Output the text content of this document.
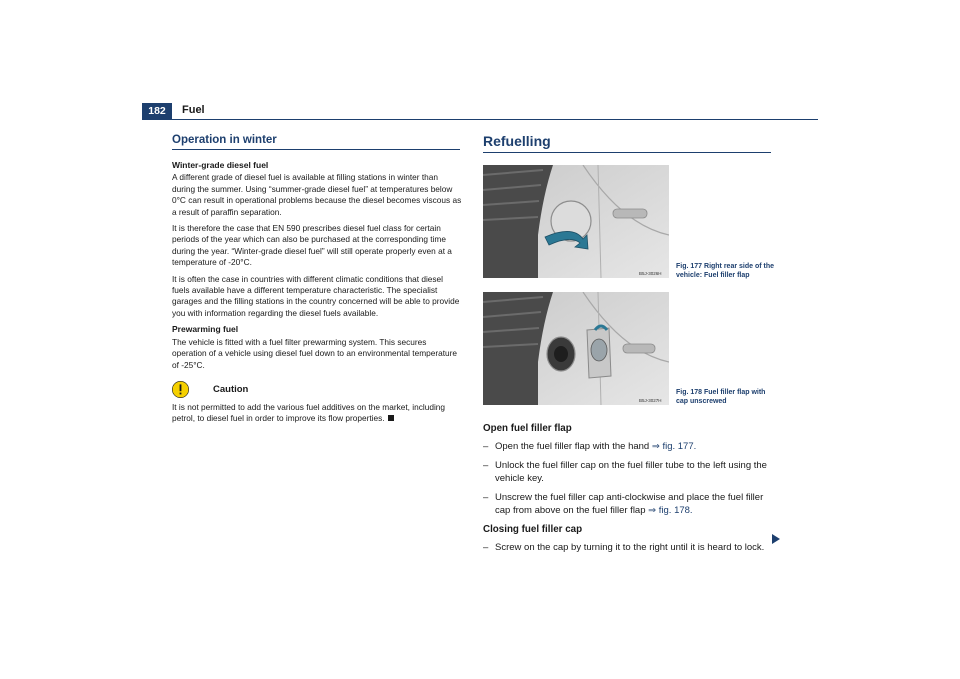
182	Fuel
Operation in winter
Winter-grade diesel fuel

A different grade of diesel fuel is available at filling stations in winter than during the summer. Using “summer-grade diesel fuel” at temperatures below 0°C can result in operational problems because the diesel becomes viscous as a result of paraffin separation.

It is therefore the case that EN 590 prescribes diesel fuel class for certain periods of the year which can also be purchased at the corresponding time during the year. “Winter-grade diesel fuel” will still operate properly even at a temperature of -20°C.

It is often the case in countries with different climatic conditions that diesel fuels available have a different temperature characteristic. The specialist garages and the filling stations in the country concerned will be able to provide you with information regarding the diesel fuels available.

Prewarming fuel

The vehicle is fitted with a fuel filter prewarming system. This secures operation of a vehicle using diesel fuel down to an environmental temperature of -25°C.

Caution

It is not permitted to add the various fuel additives on the market, including petrol, to diesel fuel in order to improve its flow properties.

Refuelling
B5J-3026H
Fig. 177 Right rear side of the vehicle: Fuel filler flap
B5J-3027H
Fig. 178 Fuel filler flap with cap unscrewed
Open fuel filler flap
– Open the fuel filler flap with the hand ⇒ fig. 177.
– Unlock the fuel filler cap on the fuel filler tube to the left using the vehicle key.
– Unscrew the fuel filler cap anti-clockwise and place the fuel filler cap from above on the fuel filler flap ⇒ fig. 178.
Closing fuel filler cap
– Screw on the cap by turning it to the right until it is heard to lock.
